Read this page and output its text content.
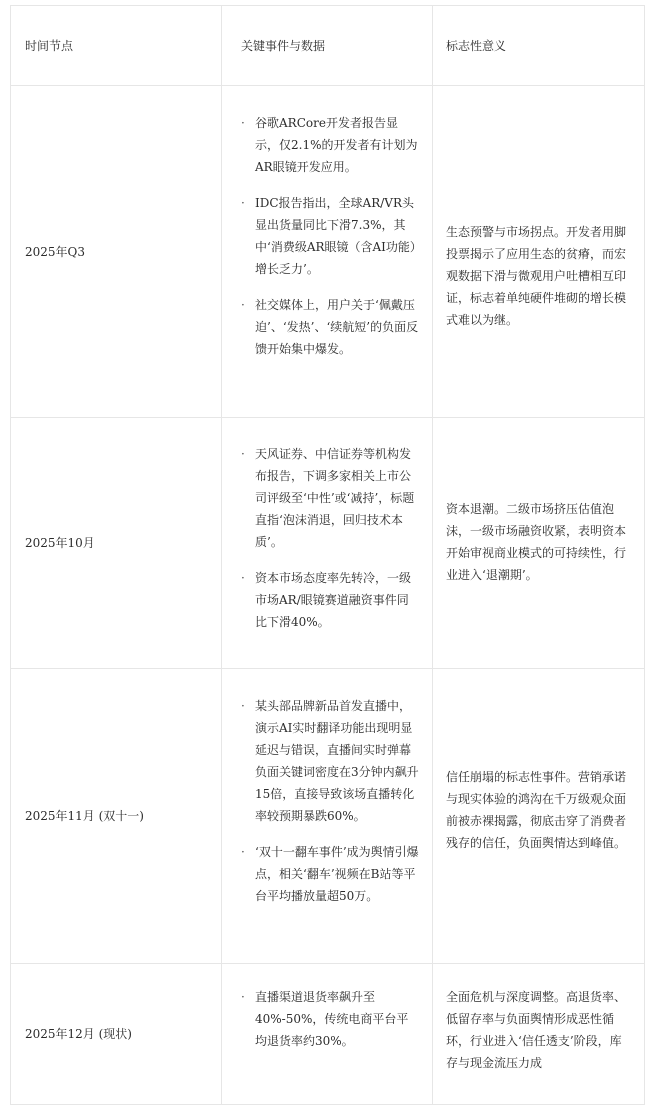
时间节点	关键事件与数据	标志性意义
2025年Q3
· 谷歌ARCore开发者报告显示，仅2.1%的开发者有计划为AR眼镜开发应用。
· IDC报告指出，全球AR/VR头显出货量同比下滑7.3%，其中‘消费级AR眼镜（含AI功能）增长乏力’。
· 社交媒体上，用户关于‘佩戴压迫’、‘发热’、‘续航短’的负面反馈开始集中爆发。
生态预警与市场拐点。开发者用脚投票揭示了应用生态的贫瘠，而宏观数据下滑与微观用户吐槽相互印证，标志着单纯硬件堆砌的增长模式难以为继。
2025年10月
· 天风证券、中信证券等机构发布报告，下调多家相关上市公司评级至‘中性’或‘减持’，标题直指‘泡沫消退，回归技术本质’。
· 资本市场态度率先转冷，一级市场AR/眼镜赛道融资事件同比下滑40%。
资本退潮。二级市场挤压估值泡沫，一级市场融资收紧，表明资本开始审视商业模式的可持续性，行业进入‘退潮期’。
2025年11月 (双十一)
· 某头部品牌新品首发直播中，演示AI实时翻译功能出现明显延迟与错误，直播间实时弹幕负面关键词密度在3分钟内飙升15倍，直接导致该场直播转化率较预期暴跌60%。
· ‘双十一翻车事件’成为舆情引爆点，相关‘翻车’视频在B站等平台平均播放量超50万。
信任崩塌的标志性事件。营销承诺与现实体验的鸿沟在千万级观众面前被赤裸揭露，彻底击穿了消费者残存的信任，负面舆情达到峰值。
2025年12月 (现状)
· 直播渠道退货率飙升至40%-50%，传统电商平台平均退货率约30%。
全面危机与深度调整。高退货率、低留存率与负面舆情形成恶性循环，行业进入‘信任透支’阶段，库存与现金流压力成
